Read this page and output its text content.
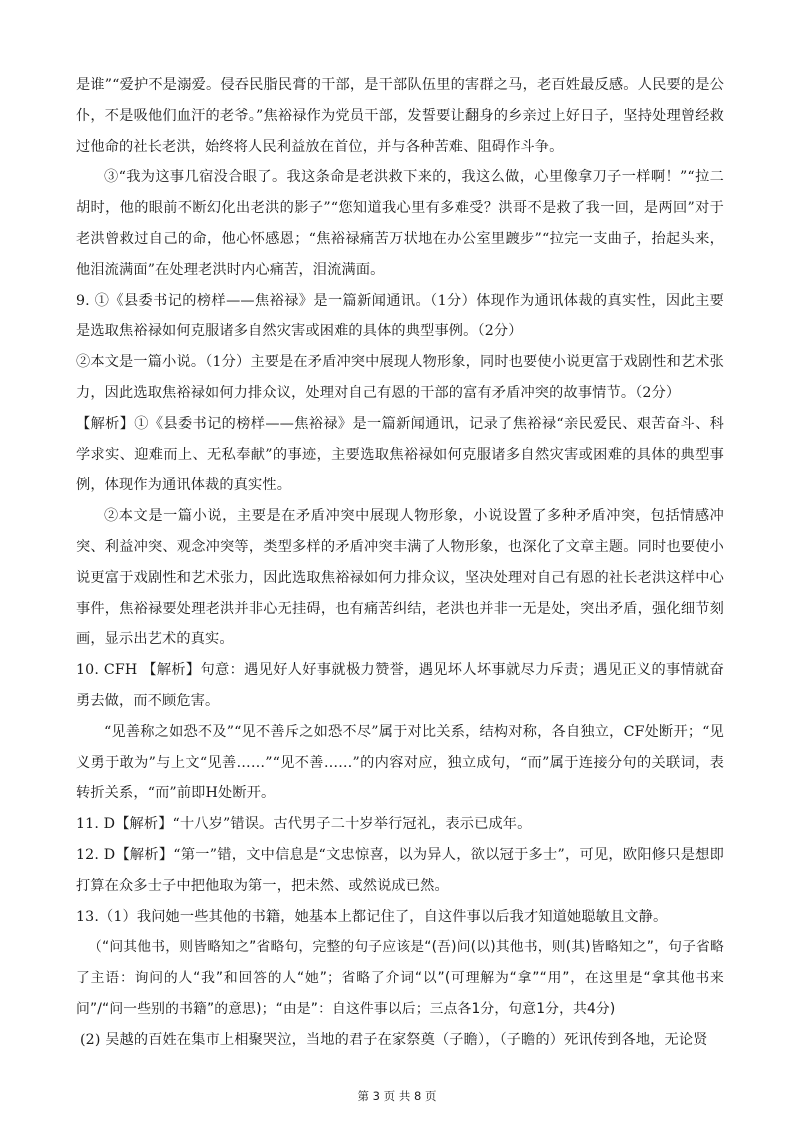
是谁”“爱护不是溺爱。侵吞民脂民膏的干部，是干部队伍里的害群之马，老百姓最反感。人民要的是公仆，不是吸他们血汗的老爷。”焦裕禄作为党员干部，发誓要让翻身的乡亲过上好日子，坚持处理曾经救过他命的社长老洪，始终将人民利益放在首位，并与各种苦难、阻碍作斗争。

③“我为这事几宿没合眼了。我这条命是老洪救下来的，我这么做，心里像拿刀子一样啊！”“拉二胡时，他的眼前不断幻化出老洪的影子”“您知道我心里有多难受？洪哥不是救了我一回，是两回”对于老洪曾救过自己的命，他心怀感恩；“焦裕禄痛苦万状地在办公室里踱步”“拉完一支曲子，抬起头来，他泪流满面”在处理老洪时内心痛苦，泪流满面。

9. ①《县委书记的榜样——焦裕禄》是一篇新闻通讯。（1分）体现作为通讯体裁的真实性，因此主要是选取焦裕禄如何克服诸多自然灾害或困难的具体的典型事例。（2分）

②本文是一篇小说。（1分）主要是在矛盾冲突中展现人物形象，同时也要使小说更富于戏剧性和艺术张力，因此选取焦裕禄如何力排众议，处理对自己有恩的干部的富有矛盾冲突的故事情节。（2分）

【解析】①《县委书记的榜样——焦裕禄》是一篇新闻通讯，记录了焦裕禄“亲民爱民、艰苦奋斗、科学求实、迎难而上、无私奉献”的事迹，主要选取焦裕禄如何克服诸多自然灾害或困难的具体的典型事例，体现作为通讯体裁的真实性。

②本文是一篇小说，主要是在矛盾冲突中展现人物形象，小说设置了多种矛盾冲突，包括情感冲突、利益冲突、观念冲突等，类型多样的矛盾冲突丰满了人物形象，也深化了文章主题。同时也要使小说更富于戏剧性和艺术张力，因此选取焦裕禄如何力排众议，坚决处理对自己有恩的社长老洪这样中心事件，焦裕禄要处理老洪并非心无挂碍，也有痛苦纠结，老洪也并非一无是处，突出矛盾，强化细节刻画，显示出艺术的真实。

10. CFH 【解析】句意：遇见好人好事就极力赞誉，遇见坏人坏事就尽力斥责；遇见正义的事情就奋勇去做，而不顾危害。

“见善称之如恐不及”“见不善斥之如恐不尽”属于对比关系，结构对称，各自独立，CF处断开；“见义勇于敢为”与上文“见善……”“见不善……”的内容对应，独立成句，“而”属于连接分句的关联词，表转折关系，“而”前即H处断开。

11. D【解析】“十八岁”错误。古代男子二十岁举行冠礼，表示已成年。

12. D【解析】“第一”错，文中信息是“文忠惊喜，以为异人，欲以冠于多士”，可见，欧阳修只是想即打算在众多士子中把他取为第一，把未然、或然说成已然。

13.（1）我问她一些其他的书籍，她基本上都记住了，自这件事以后我才知道她聪敏且文静。

（“问其他书，则皆略知之”省略句，完整的句子应该是“(吾)问(以)其他书，则(其)皆略知之”，句子省略了主语：询问的人“我”和回答的人“她”；省略了介词“以”(可理解为“拿”“用”，在这里是“拿其他书来问”/“问一些别的书籍”的意思)；“由是”：自这件事以后；三点各1分，句意1分，共4分)

(2) 吴越的百姓在集市上相聚哭泣，当地的君子在家祭奠（子瞻），（子瞻的）死讯传到各地，无论贤

第 3 页 共 8 页
